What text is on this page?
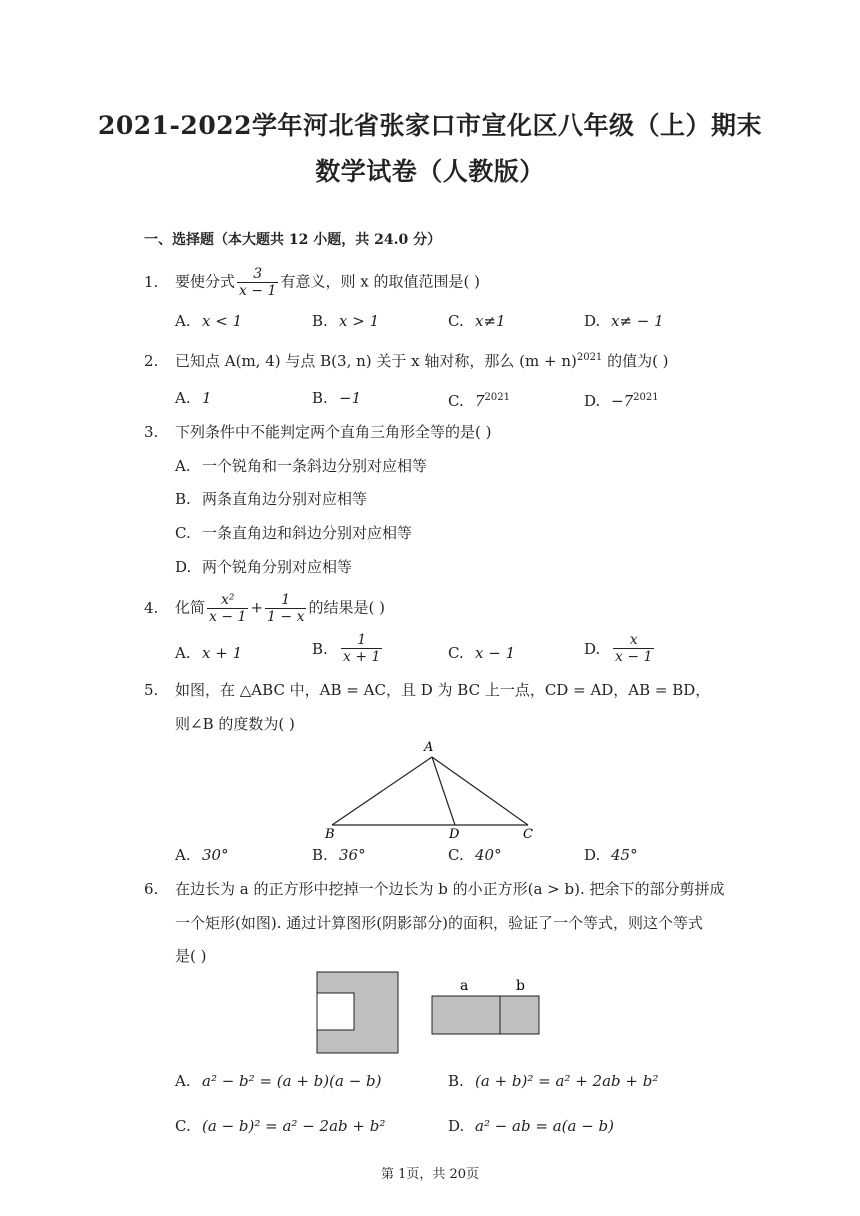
2021-2022学年河北省张家口市宣化区八年级（上）期末
数学试卷（人教版）
一、选择题（本大题共 12 小题，共 24.0 分）
1. 要使分式 $\frac{3}{x - 1}$ 有意义，则 x 的取值范围是( )
A. x < 1	B. x > 1	C. x≠1	D. x≠ − 1
2. 已知点 A(m, 4) 与点 B(3, n) 关于 x 轴对称，那么 $(m + n)^{2021}$ 的值为( )
A. 1	B. −1	C. $7^{2021}$	D. $-7^{2021}$
3. 下列条件中不能判定两个直角三角形全等的是( )
A. 一个锐角和一条斜边分别对应相等
B. 两条直角边分别对应相等
C. 一条直角边和斜边分别对应相等
D. 两个锐角分别对应相等
4. 化简 $\frac{\text{x²}}{x - 1} + \frac{1}{1 - x}$ 的结果是( )
A. x + 1	B. $\frac{1}{x + 1}$	C. x − 1	D. $\frac{x}{x - 1}$
5. 如图，在 △ABC 中，AB = AC，且 D 为 BC 上一点，CD = AD，AB = BD，
则∠B 的度数为( )
A
B	D	C
A. 30°	B. 36°	C. 40°	D. 45°
6. 在边长为 a 的正方形中挖掉一个边长为 b 的小正方形(a > b). 把余下的部分剪拼成
一个矩形(如图). 通过计算图形(阴影部分)的面积，验证了一个等式，则这个等式
是( )
a	b
A. a² − b² = (a + b)(a − b)	B. (a + b)² = a² + 2ab + b²
C. (a − b)² = a² − 2ab + b²	D. a² − ab = a(a − b)
第 1页，共 20页
